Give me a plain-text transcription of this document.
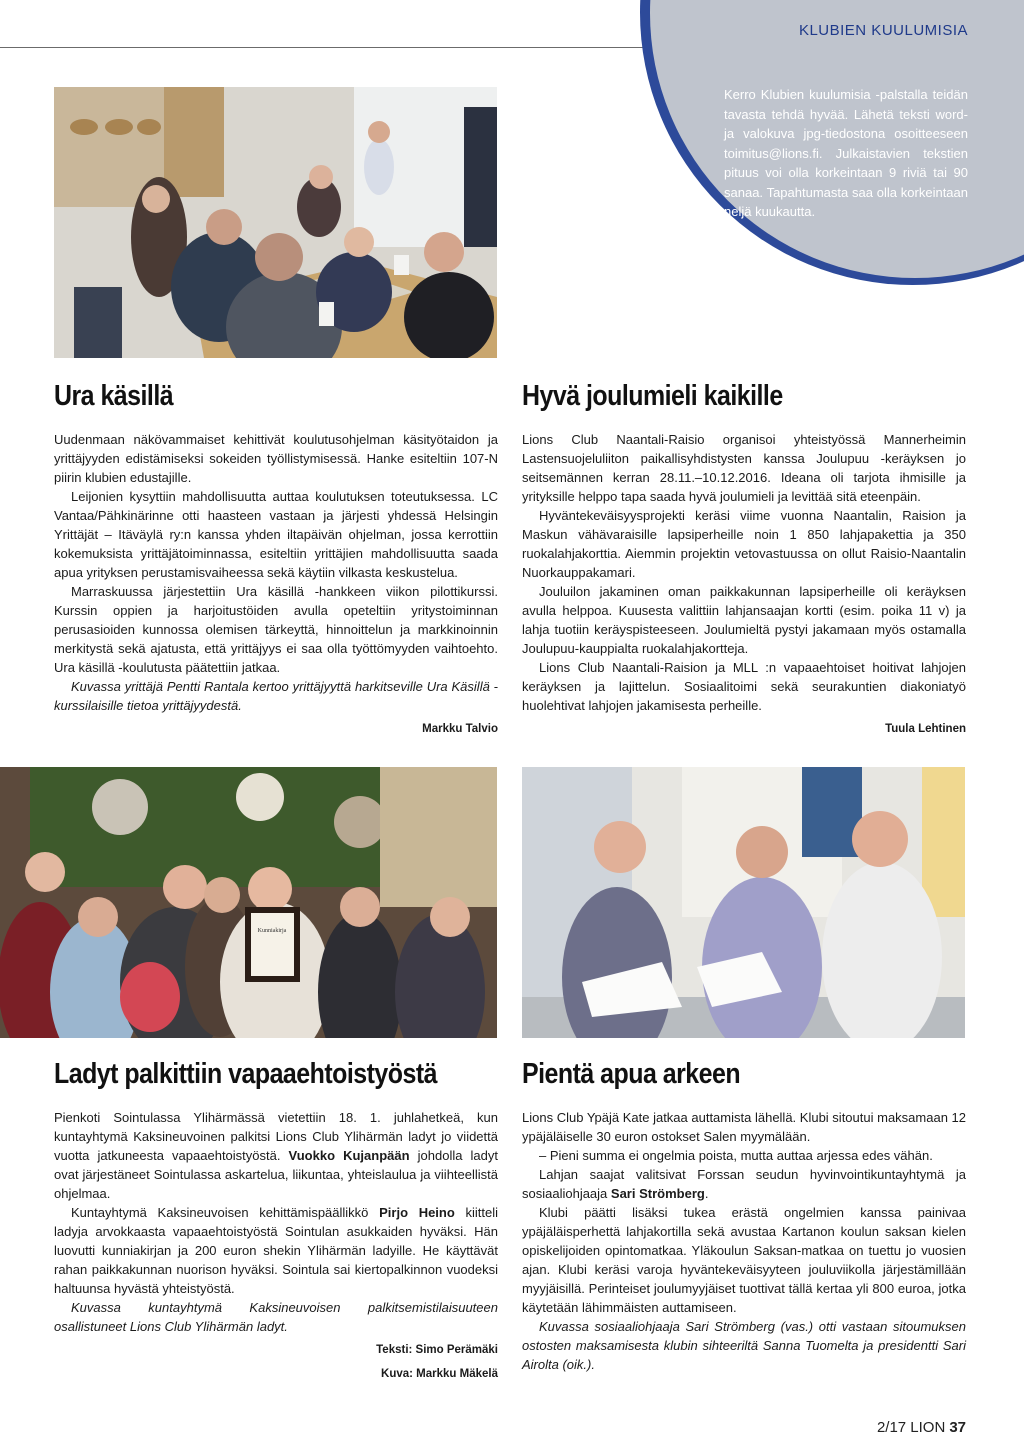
KLUBIEN KUULUMISIA
Kerro Klubien kuulumisia -palstalla teidän tavasta tehdä hyvää. Lähetä teksti word- ja valokuva jpg-tiedostona osoitteeseen toimitus@lions.fi. Julkaistavien tekstien pituus voi olla korkeintaan 9 riviä tai 90 sanaa. Tapahtumasta saa olla korkeintaan neljä kuukautta.
Ura käsillä

Uudenmaan näkövammaiset kehittivät koulutusohjelman käsityötaidon ja yrittäjyyden edistämiseksi sokeiden työllistymisessä. Hanke esiteltiin 107-N piirin klubien edustajille.

Leijonien kysyttiin mahdollisuutta auttaa koulutuksen toteutuksessa. LC Vantaa/Pähkinärinne otti haasteen vastaan ja järjesti yhdessä Helsingin Yrittäjät – Itäväylä ry:n kanssa yhden iltapäivän ohjelman, jossa kerrottiin kokemuksista yrittäjätoiminnassa, esiteltiin yrittäjien mahdollisuutta saada apua yrityksen perustamisvaiheessa sekä käytiin vilkasta keskustelua.

Marraskuussa järjestettiin Ura käsillä -hankkeen viikon pilottikurssi. Kurssin oppien ja harjoitustöiden avulla opeteltiin yritystoiminnan perusasioiden kunnossa olemisen tärkeyttä, hinnoittelun ja markkinoinnin merkitystä sekä ajatusta, että yrittäjyys ei saa olla työttömyyden vaihtoehto. Ura käsillä -koulutusta päätettiin jatkaa.

Kuvassa yrittäjä Pentti Rantala kertoo yrittäjyyttä harkitseville Ura Käsillä -kurssilaisille tietoa yrittäjyydestä.

Markku Talvio

Hyvä joulumieli kaikille

Lions Club Naantali-Raisio organisoi yhteistyössä Mannerheimin Lastensuojeluliiton paikallisyhdistysten kanssa Joulupuu -keräyksen jo seitsemännen kerran 28.11.–10.12.2016. Ideana oli tarjota ihmisille ja yrityksille helppo tapa saada hyvä joulumieli ja levittää sitä eteenpäin.

Hyväntekeväisyysprojekti keräsi viime vuonna Naantalin, Raision ja Maskun vähävaraisille lapsiperheille noin 1 850 lahjapakettia ja 350 ruokalahjakorttia. Aiemmin projektin vetovastuussa on ollut Raisio-Naantalin Nuorkauppakamari.

Jouluilon jakaminen oman paikkakunnan lapsiperheille oli keräyksen avulla helppoa. Kuusesta valittiin lahjansaajan kortti (esim. poika 11 v) ja lahja tuotiin keräyspisteeseen. Joulumieltä pystyi jakamaan myös ostamalla Joulupuu-kauppialta ruokalahjakortteja.

Lions Club Naantali-Raision ja MLL :n vapaaehtoiset hoitivat lahjojen keräyksen ja lajittelun. Sosiaalitoimi sekä seurakuntien diakoniatyö huolehtivat lahjojen jakamisesta perheille.

Tuula Lehtinen

Kunniakirja
Ladyt palkittiin vapaaehtoistyöstä

Pienkoti Sointulassa Ylihärmässä vietettiin 18. 1. juhlahetkeä, kun kuntayhtymä Kaksineuvoinen palkitsi Lions Club Ylihärmän ladyt jo viidettä vuotta jatkuneesta vapaaehtoistyöstä. Vuokko Kujanpään johdolla ladyt ovat järjestäneet Sointulassa askartelua, liikuntaa, yhteislaulua ja viihteellistä ohjelmaa.

Kuntayhtymä Kaksineuvoisen kehittämispäällikkö Pirjo Heino kiitteli ladyja arvokkaasta vapaaehtoistyöstä Sointulan asukkaiden hyväksi. Hän luovutti kunniakirjan ja 200 euron shekin Ylihärmän ladyille. He käyttävät rahan paikkakunnan nuorison hyväksi. Sointula sai kiertopalkinnon vuodeksi haltuunsa hyvästä yhteistyöstä.

Kuvassa kuntayhtymä Kaksineuvoisen palkitsemistilaisuuteen osallistuneet Lions Club Ylihärmän ladyt.

Teksti: Simo Perämäki

Kuva: Markku Mäkelä

Pientä apua arkeen

Lions Club Ypäjä Kate jatkaa auttamista lähellä. Klubi sitoutui maksamaan 12 ypäjäläiselle 30 euron ostokset Salen myymälään.

– Pieni summa ei ongelmia poista, mutta auttaa arjessa edes vähän.

Lahjan saajat valitsivat Forssan seudun hyvinvointikuntayhtymä ja sosiaaliohjaaja Sari Strömberg.

Klubi päätti lisäksi tukea erästä ongelmien kanssa painivaa ypäjäläisperhettä lahjakortilla sekä avustaa Kartanon koulun saksan kielen opiskelijoiden opintomatkaa. Yläkoulun Saksan-matkaa on tuettu jo vuosien ajan. Klubi keräsi varoja hyväntekeväisyyteen jouluviikolla järjestämillään myyjäisillä. Perinteiset joulumyyjäiset tuottivat tällä kertaa yli 800 euroa, jotka käytetään lähimmäisten auttamiseen.

Kuvassa sosiaaliohjaaja Sari Strömberg (vas.) otti vastaan sitoumuksen ostosten maksamisesta klubin sihteeriltä Sanna Tuomelta ja presidentti Sari Airolta (oik.).

2/17 LION 37
